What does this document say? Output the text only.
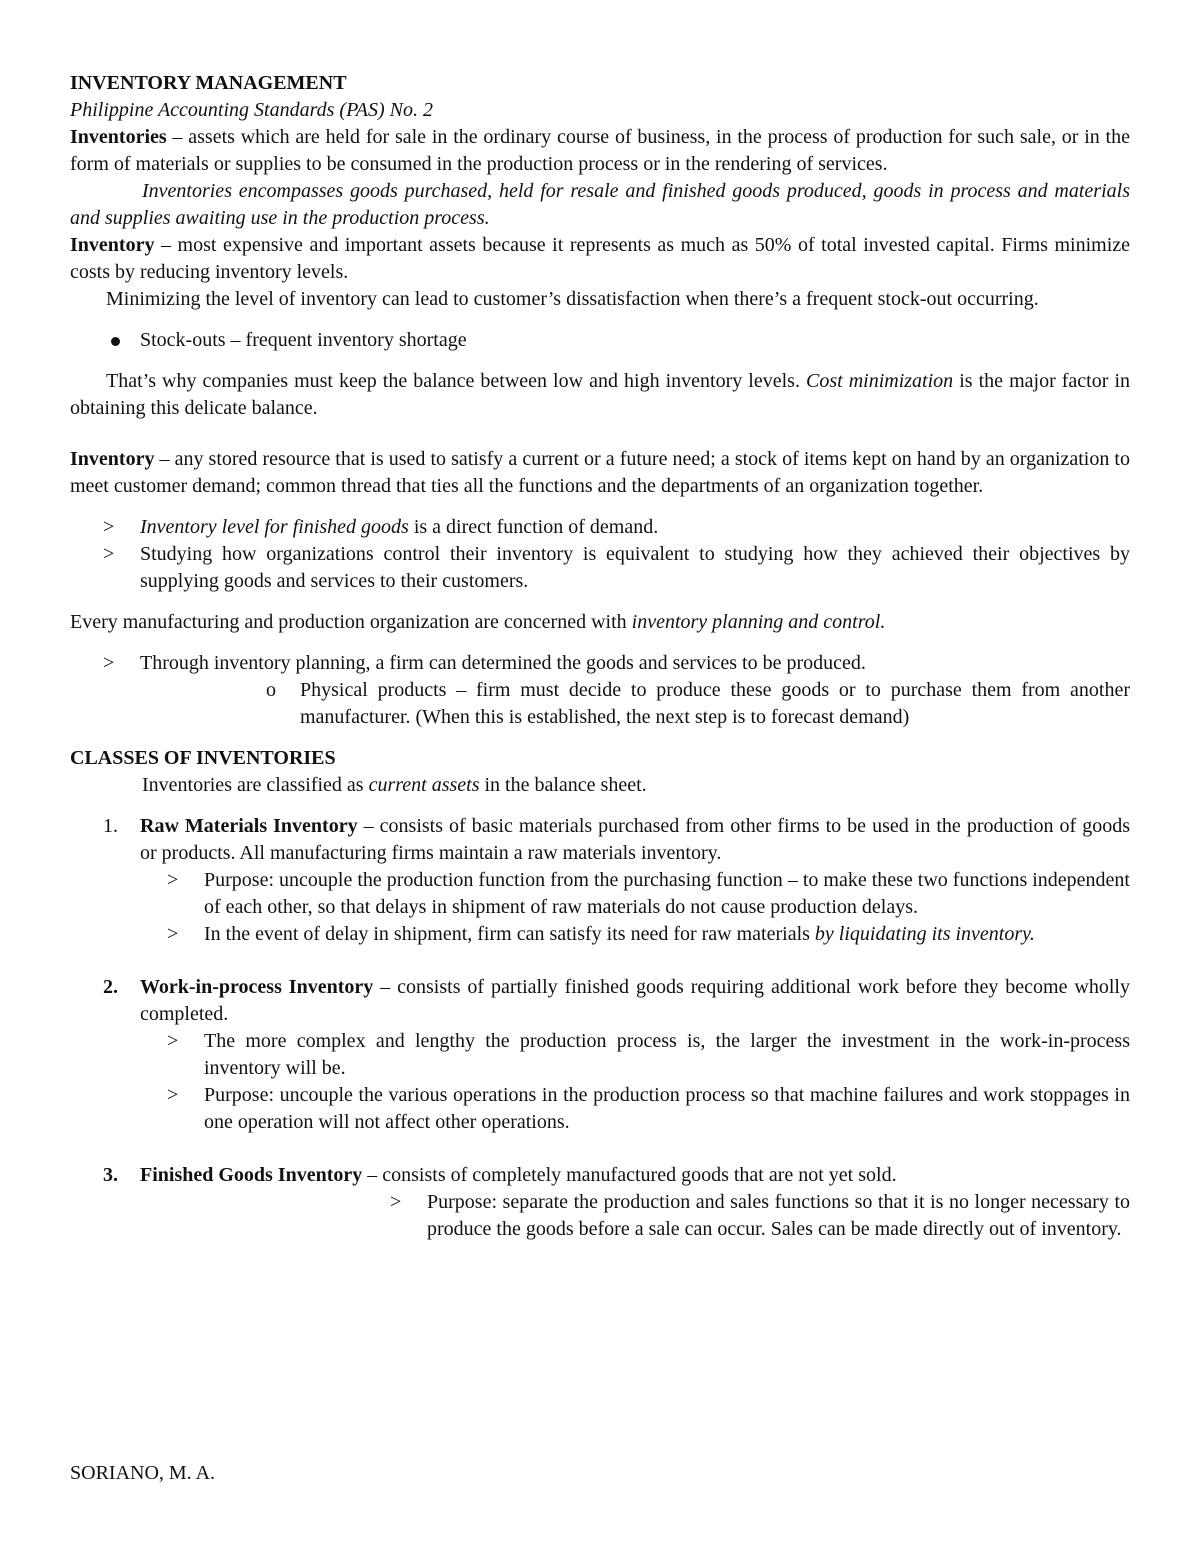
INVENTORY MANAGEMENT

Philippine Accounting Standards (PAS) No. 2

Inventories – assets which are held for sale in the ordinary course of business, in the process of production for such sale, or in the form of materials or supplies to be consumed in the production process or in the rendering of services.

Inventories encompasses goods purchased, held for resale and finished goods produced, goods in process and materials and supplies awaiting use in the production process.

Inventory – most expensive and important assets because it represents as much as 50% of total invested capital. Firms minimize costs by reducing inventory levels.

Minimizing the level of inventory can lead to customer’s dissatisfaction when there’s a frequent stock-out occurring.

Stock-outs – frequent inventory shortage

That’s why companies must keep the balance between low and high inventory levels. Cost minimization is the major factor in obtaining this delicate balance.

Inventory – any stored resource that is used to satisfy a current or a future need; a stock of items kept on hand by an organization to meet customer demand; common thread that ties all the functions and the departments of an organization together.

>	Inventory level for finished goods is a direct function of demand.
>	Studying how organizations control their inventory is equivalent to studying how they achieved their objectives by supplying goods and services to their customers.

Every manufacturing and production organization are concerned with inventory planning and control.

>	Through inventory planning, a firm can determined the goods and services to be produced.
o	Physical products – firm must decide to produce these goods or to purchase them from another manufacturer. (When this is established, the next step is to forecast demand)

CLASSES OF INVENTORIES

Inventories are classified as current assets in the balance sheet.

1.	Raw Materials Inventory – consists of basic materials purchased from other firms to be used in the production of goods or products. All manufacturing firms maintain a raw materials inventory.
>	Purpose: uncouple the production function from the purchasing function – to make these two functions independent of each other, so that delays in shipment of raw materials do not cause production delays.
>	In the event of delay in shipment, firm can satisfy its need for raw materials by liquidating its inventory.
2.	Work-in-process Inventory – consists of partially finished goods requiring additional work before they become wholly completed.
>	The more complex and lengthy the production process is, the larger the investment in the work-in-process inventory will be.
>	Purpose: uncouple the various operations in the production process so that machine failures and work stoppages in one operation will not affect other operations.
3.	Finished Goods Inventory – consists of completely manufactured goods that are not yet sold.
>	Purpose: separate the production and sales functions so that it is no longer necessary to produce the goods before a sale can occur. Sales can be made directly out of inventory.

SORIANO, M. A.
